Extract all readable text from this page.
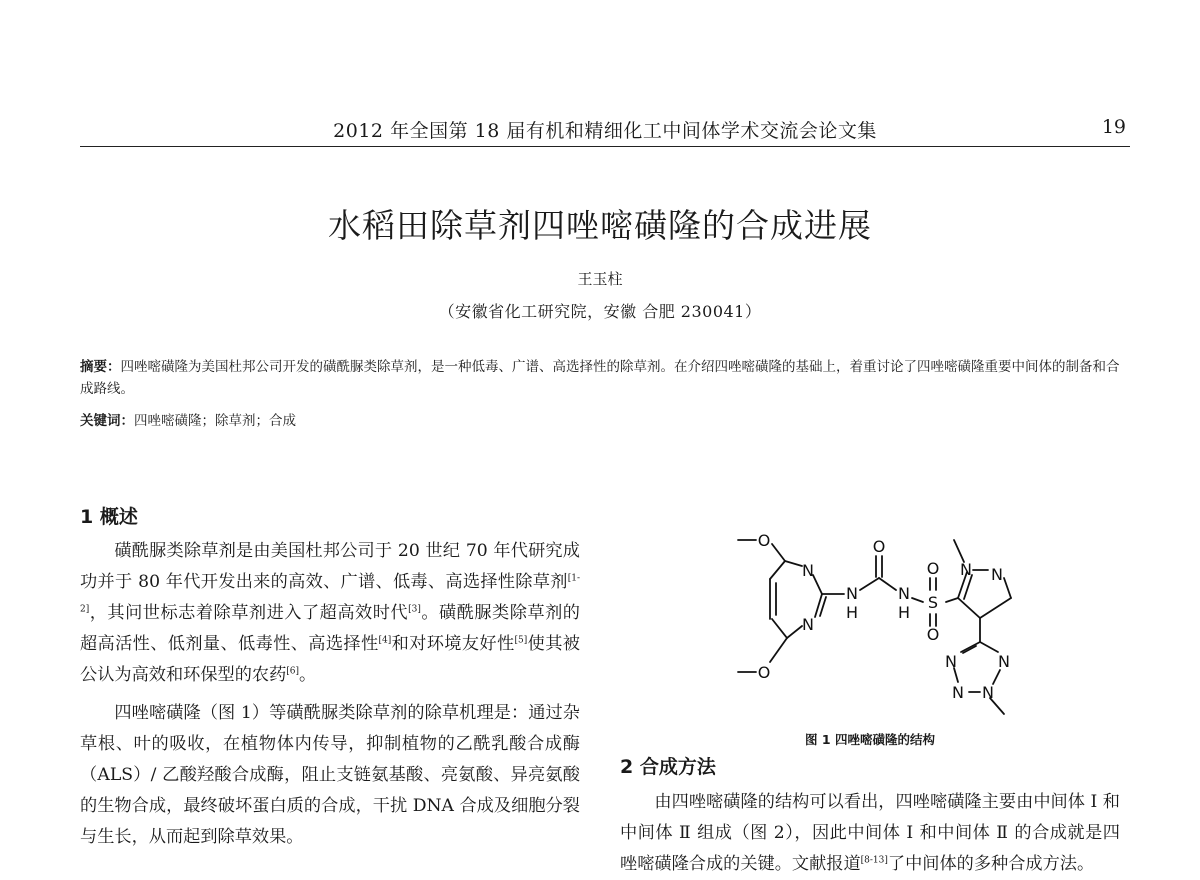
2012 年全国第 18 届有机和精细化工中间体学术交流会论文集	19
水稻田除草剂四唑嘧磺隆的合成进展
王玉柱
（安徽省化工研究院，安徽 合肥 230041）
摘要：四唑嘧磺隆为美国杜邦公司开发的磺酰脲类除草剂，是一种低毒、广谱、高选择性的除草剂。在介绍四唑嘧磺隆的基础上，着重讨论了四唑嘧磺隆重要中间体的制备和合成路线。
关键词：四唑嘧磺隆；除草剂；合成
1 概述

磺酰脲类除草剂是由美国杜邦公司于 20 世纪 70 年代研究成功并于 80 年代开发出来的高效、广谱、低毒、高选择性除草剂[1-2]，其问世标志着除草剂进入了超高效时代[3]。磺酰脲类除草剂的超高活性、低剂量、低毒性、高选择性[4]和对环境友好性[5]使其被公认为高效和环保型的农药[6]。

四唑嘧磺隆（图 1）等磺酰脲类除草剂的除草机理是：通过杂草根、叶的吸收，在植物体内传导，抑制植物的乙酰乳酸合成酶（ALS）/ 乙酸羟酸合成酶，阻止支链氨基酸、亮氨酸、异亮氨酸的生物合成，最终破坏蛋白质的合成，干扰 DNA 合成及细胞分裂与生长，从而起到除草效果。

O
N
N
O
N
H
O
N
H
O
S
O
N N
N	N
N N
图 1 四唑嘧磺隆的结构
2 合成方法

由四唑嘧磺隆的结构可以看出，四唑嘧磺隆主要由中间体 Ⅰ 和中间体 Ⅱ 组成（图 2），因此中间体 Ⅰ 和中间体 Ⅱ 的合成就是四唑嘧磺隆合成的关键。文献报道[8-13]了中间体的多种合成方法。
